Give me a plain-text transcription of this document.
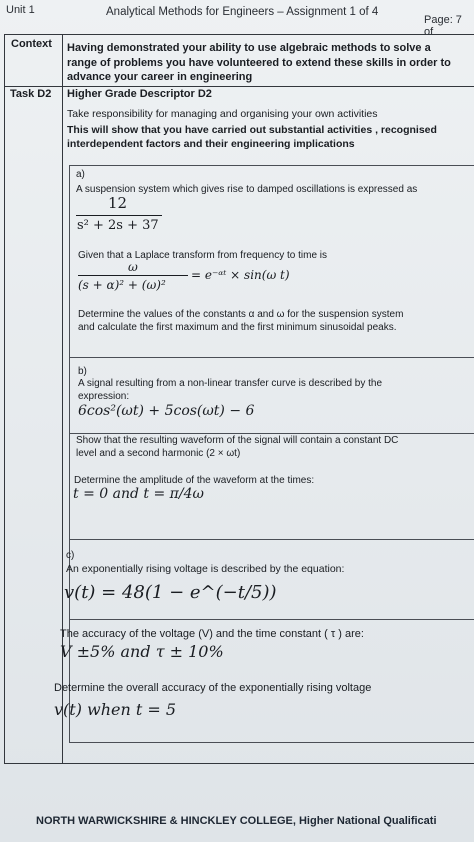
Unit 1	Analytical Methods for Engineers – Assignment 1 of 4
Page: 7 of
Context
Task D2
Having demonstrated your ability to use algebraic methods to solve a
range of problems you have volunteered to extend these skills in order to
advance your career in engineering
Higher Grade Descriptor D2
Take responsibility for managing and organising your own activities
This will show that you have carried out substantial activities , recognised
interdependent factors and their engineering implications
a)
A suspension system which gives rise to damped oscillations is expressed as
12
s² + 2s + 37
Given that a Laplace transform from frequency to time is
ω
(s + α)² + (ω)²
= e⁻ᵅᵗ × sin(ω t)
Determine the values of the constants α and ω for the suspension system
and calculate the first maximum and the first minimum sinusoidal peaks.
b)
A signal resulting from a non-linear transfer curve is described by the
expression:
6cos²(ωt) + 5cos(ωt) − 6
Show that the resulting waveform of the signal will contain a constant DC
level and a second harmonic (2 × ωt)
Determine the amplitude of the waveform at the times:
t = 0 and t = π/4ω
c)
An exponentially rising voltage is described by the equation:
v(t) = 48(1 − e^(−t/5))
The accuracy of the voltage (V) and the time constant ( τ ) are:
V ±5% and τ ± 10%
Determine the overall accuracy of the exponentially rising voltage
v(t) when t = 5
NORTH WARWICKSHIRE & HINCKLEY COLLEGE, Higher National Qualificati
